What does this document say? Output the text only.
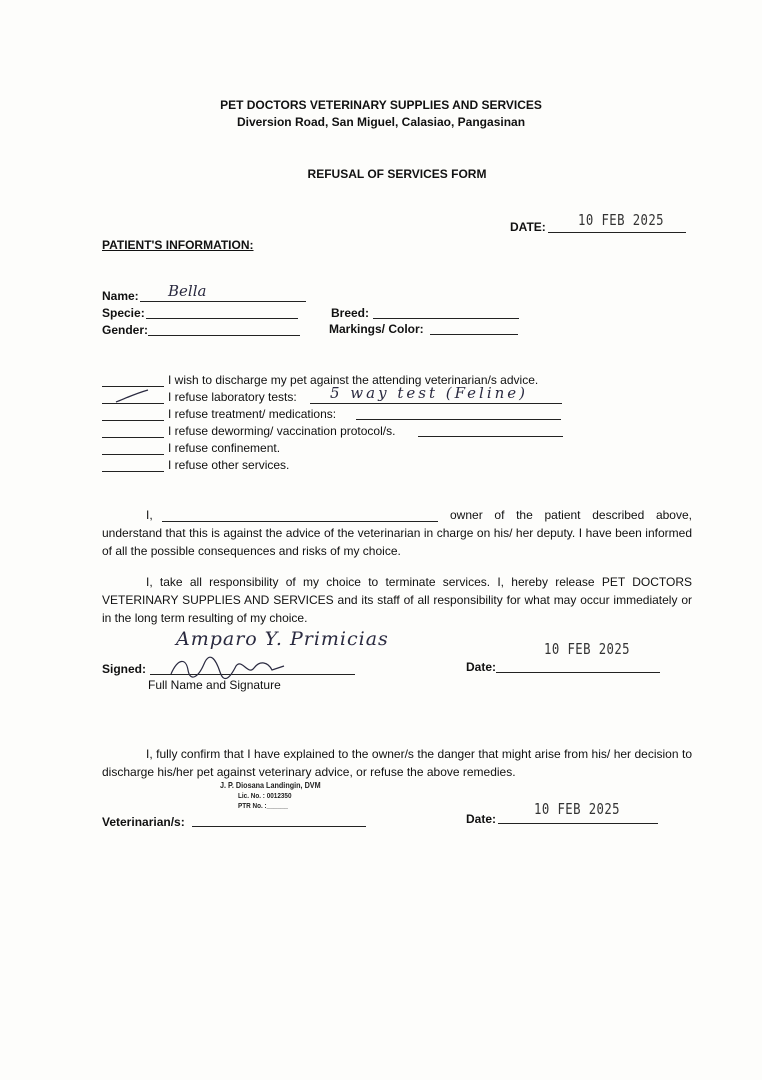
PET DOCTORS VETERINARY SUPPLIES AND SERVICES
Diversion Road, San Miguel, Calasiao, Pangasinan
REFUSAL OF SERVICES FORM
DATE: 10 FEB 2025
PATIENT'S INFORMATION:
Name: Bella
Specie:
Gender:
Breed:
Markings/ Color:
I wish to discharge my pet against the attending veterinarian/s advice.
I refuse laboratory tests: 5 way test (Feline)
I refuse treatment/ medications:
I refuse deworming/ vaccination protocol/s.
I refuse confinement.
I refuse other services.
I,	owner of the patient described above,
understand that this is against the advice of the veterinarian in charge on his/ her deputy. I have been informed of all the possible consequences and risks of my choice.
I, take all responsibility of my choice to terminate services. I, hereby release PET DOCTORS VETERINARY SUPPLIES AND SERVICES and its staff of all responsibility for what may occur immediately or in the long term resulting of my choice.
Amparo Y. Primicias
Signed:
Full Name and Signature
10 FEB 2025
Date:
I, fully confirm that I have explained to the owner/s the danger that might arise from his/ her decision to discharge his/her pet against veterinary advice, or refuse the above remedies.
J. P. Diosana Landingin, DVM
Lic. No. : 0012350
PTR No. :______
Veterinarian/s:
10 FEB 2025
Date:
